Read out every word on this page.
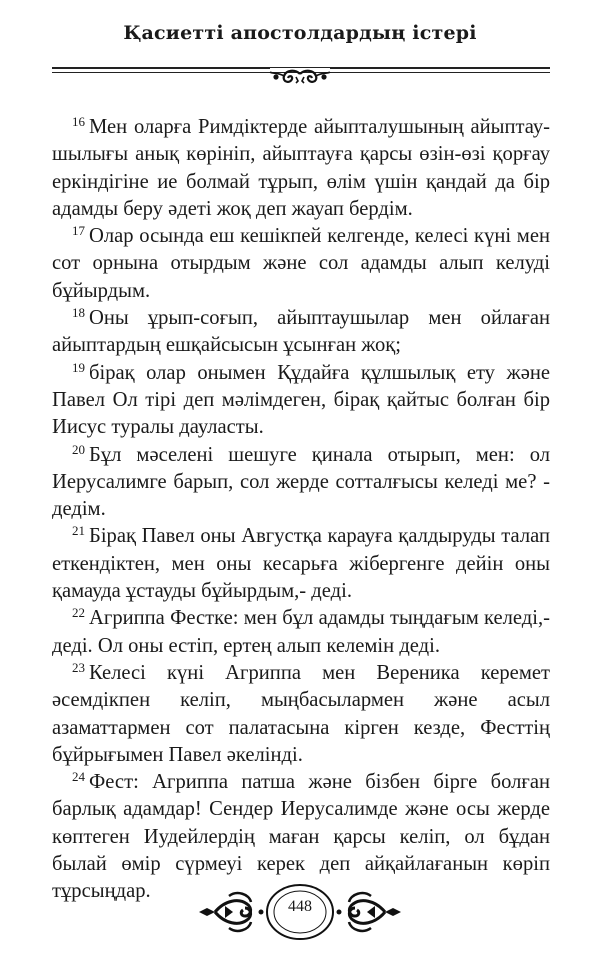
Қасиетті апостолдардың істері

$^{16}$ Мен оларға Римдіктерде айыпталушының айыптау-шылығы анық көрініп, айыптауға қарсы өзін-өзі қорғау еркіндігіне ие болмай тұрып, өлім үшін қандай да бір адамды беру әдеті жоқ деп жауап бердім.

$^{17}$ Олар осында еш кешікпей келгенде, келесі күні мен сот орнына отырдым және сол адамды алып келуді бұйырдым.

$^{18}$ Оны ұрып-соғып, айыптаушылар мен ойлаған айыптардың ешқайсысын ұсынған жоқ;

$^{19}$ бірақ олар онымен Құдайға құлшылық ету және Павел Ол тірі деп мәлімдеген, бірақ қайтыс болған бір Иисус туралы дауласты.

$^{20}$ Бұл мәселені шешуге қинала отырып, мен: ол Иерусалимге барып, сол жерде сотталғысы келеді ме? - дедім.

$^{21}$ Бірақ Павел оны Августқа карауға қалдыруды талап еткендіктен, мен оны кесарьға жібергенге дейін оны қамауда ұстауды бұйырдым,- деді.

$^{22}$ Агриппа Фестке: мен бұл адамды тыңдағым келеді,- деді. Ол оны естіп, ертең алып келемін деді.

$^{23}$ Келесі күні Агриппа мен Вереника керемет әсемдікпен келіп, мыңбасылармен және асыл азаматтармен сот палатасына кірген кезде, Фесттің бұйрығымен Павел әкелінді.

$^{24}$ Фест: Агриппа патша және бізбен бірге болған барлық адамдар! Сендер Иерусалимде және осы жерде көптеген Иудейлердің маған қарсы келіп, ол бұдан былай өмір сүрмеуі керек деп айқайлағанын көріп тұрсыңдар.

448
